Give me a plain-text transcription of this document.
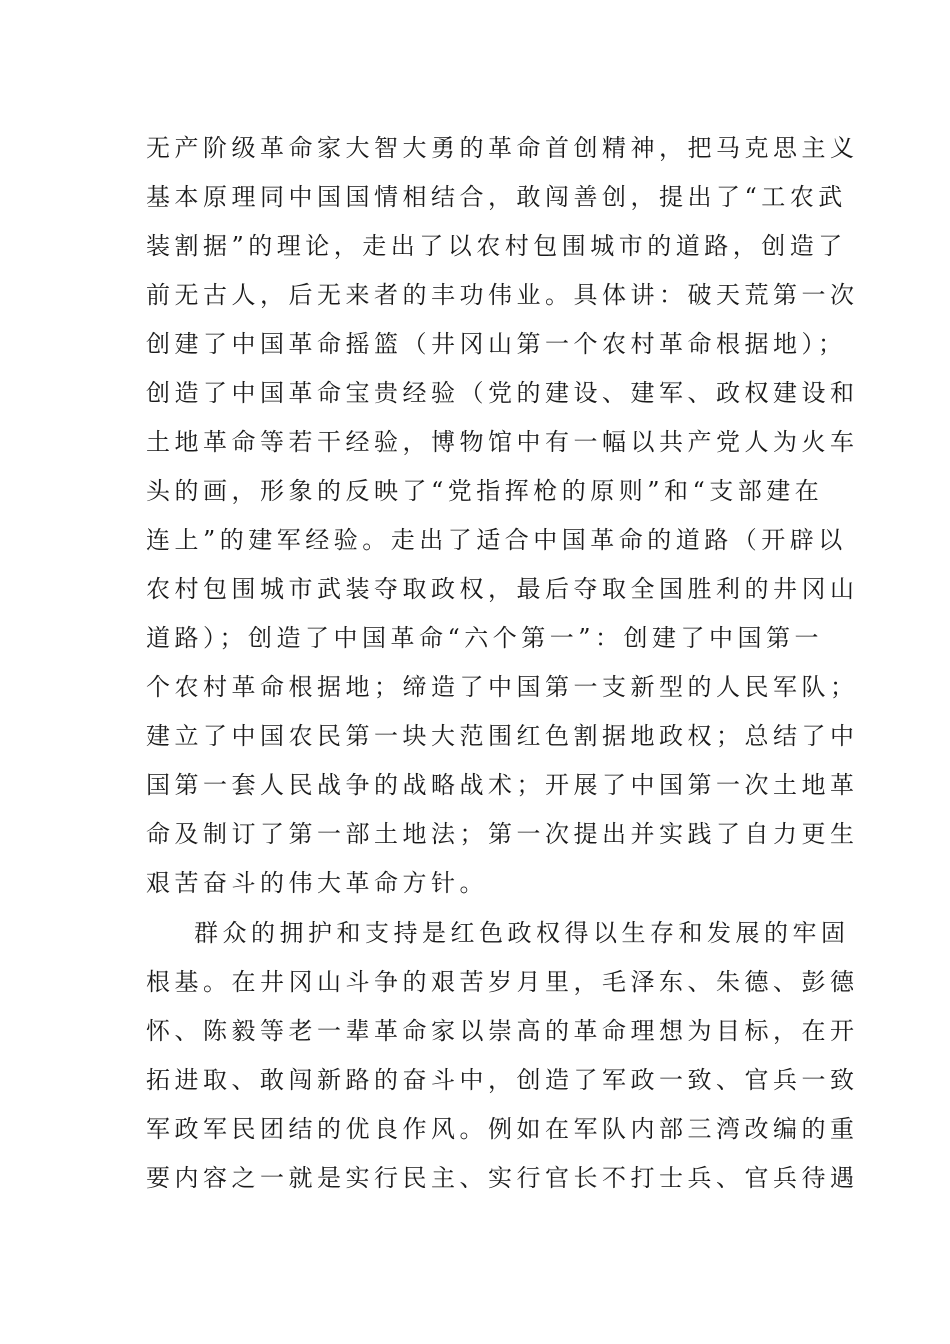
无产阶级革命家大智大勇的革命首创精神，把马克思主义
基本原理同中国国情相结合，敢闯善创，提出了“工农武
装割据”的理论，走出了以农村包围城市的道路，创造了
前无古人，后无来者的丰功伟业。具体讲：破天荒第一次
创建了中国革命摇篮（井冈山第一个农村革命根据地）；
创造了中国革命宝贵经验（党的建设、建军、政权建设和
土地革命等若干经验，博物馆中有一幅以共产党人为火车
头的画，形象的反映了“党指挥枪的原则”和“支部建在
连上”的建军经验。走出了适合中国革命的道路（开辟以
农村包围城市武装夺取政权，最后夺取全国胜利的井冈山
道路）；创造了中国革命“六个第一”：创建了中国第一
个农村革命根据地；缔造了中国第一支新型的人民军队；
建立了中国农民第一块大范围红色割据地政权；总结了中
国第一套人民战争的战略战术；开展了中国第一次土地革
命及制订了第一部土地法；第一次提出并实践了自力更生
艰苦奋斗的伟大革命方针。
群众的拥护和支持是红色政权得以生存和发展的牢固
根基。在井冈山斗争的艰苦岁月里，毛泽东、朱德、彭德
怀、陈毅等老一辈革命家以崇高的革命理想为目标，在开
拓进取、敢闯新路的奋斗中，创造了军政一致、官兵一致
军政军民团结的优良作风。例如在军队内部三湾改编的重
要内容之一就是实行民主、实行官长不打士兵、官兵待遇
